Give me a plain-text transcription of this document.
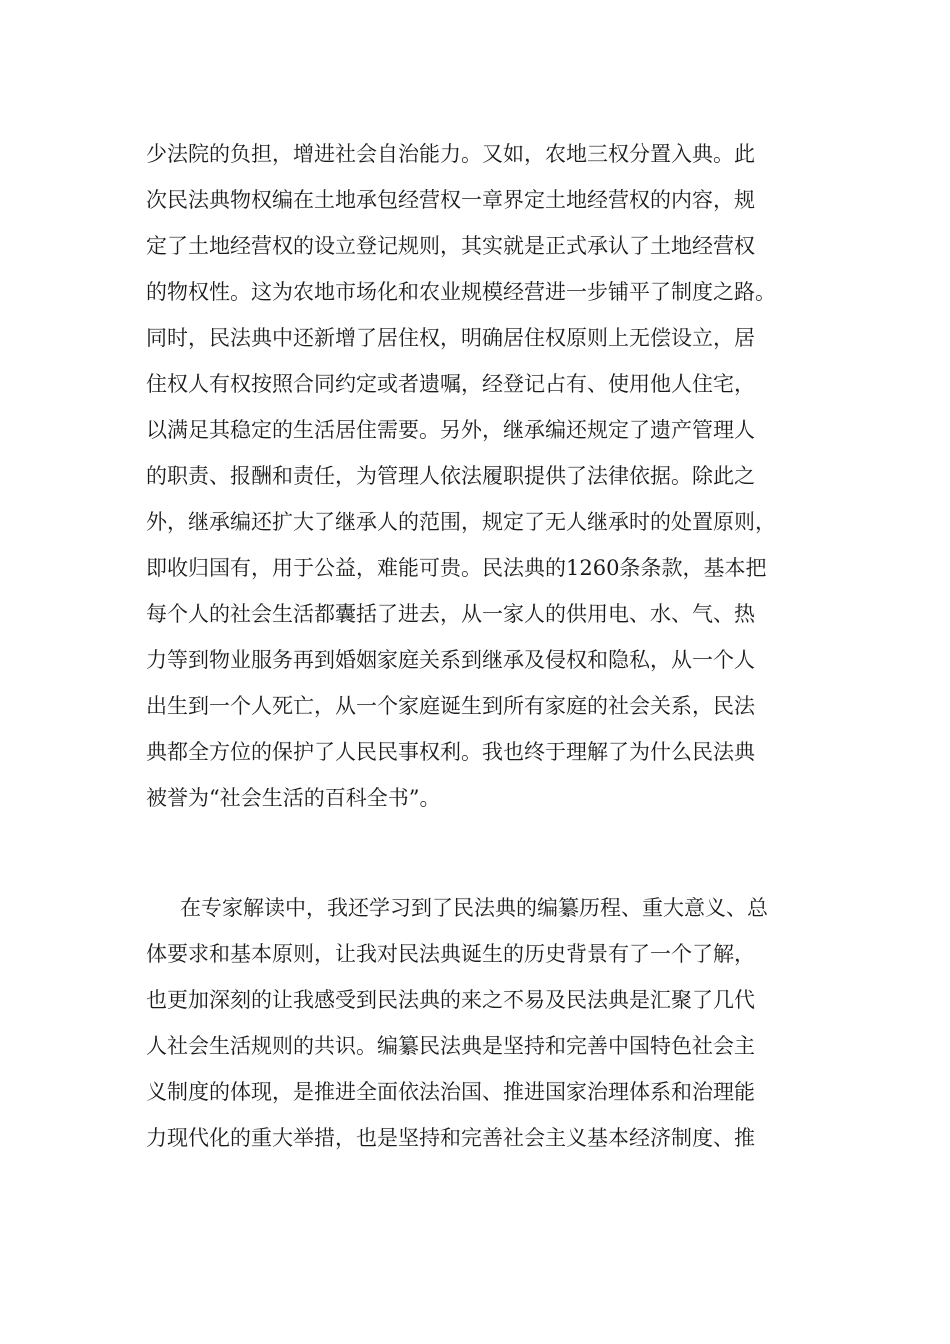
少法院的负担，增进社会自治能力。又如，农地三权分置入典。此
次民法典物权编在土地承包经营权一章界定土地经营权的内容，规
定了土地经营权的设立登记规则，其实就是正式承认了土地经营权
的物权性。这为农地市场化和农业规模经营进一步铺平了制度之路。
同时，民法典中还新增了居住权，明确居住权原则上无偿设立，居
住权人有权按照合同约定或者遗嘱，经登记占有、使用他人住宅，
以满足其稳定的生活居住需要。另外，继承编还规定了遗产管理人
的职责、报酬和责任，为管理人依法履职提供了法律依据。除此之
外，继承编还扩大了继承人的范围，规定了无人继承时的处置原则，
即收归国有，用于公益，难能可贵。民法典的1260条条款，基本把
每个人的社会生活都囊括了进去，从一家人的供用电、水、气、热
力等到物业服务再到婚姻家庭关系到继承及侵权和隐私，从一个人
出生到一个人死亡，从一个家庭诞生到所有家庭的社会关系，民法
典都全方位的保护了人民民事权利。我也终于理解了为什么民法典
被誉为“社会生活的百科全书”。

在专家解读中，我还学习到了民法典的编纂历程、重大意义、总
体要求和基本原则，让我对民法典诞生的历史背景有了一个了解，
也更加深刻的让我感受到民法典的来之不易及民法典是汇聚了几代
人社会生活规则的共识。编纂民法典是坚持和完善中国特色社会主
义制度的体现，是推进全面依法治国、推进国家治理体系和治理能
力现代化的重大举措，也是坚持和完善社会主义基本经济制度、推
